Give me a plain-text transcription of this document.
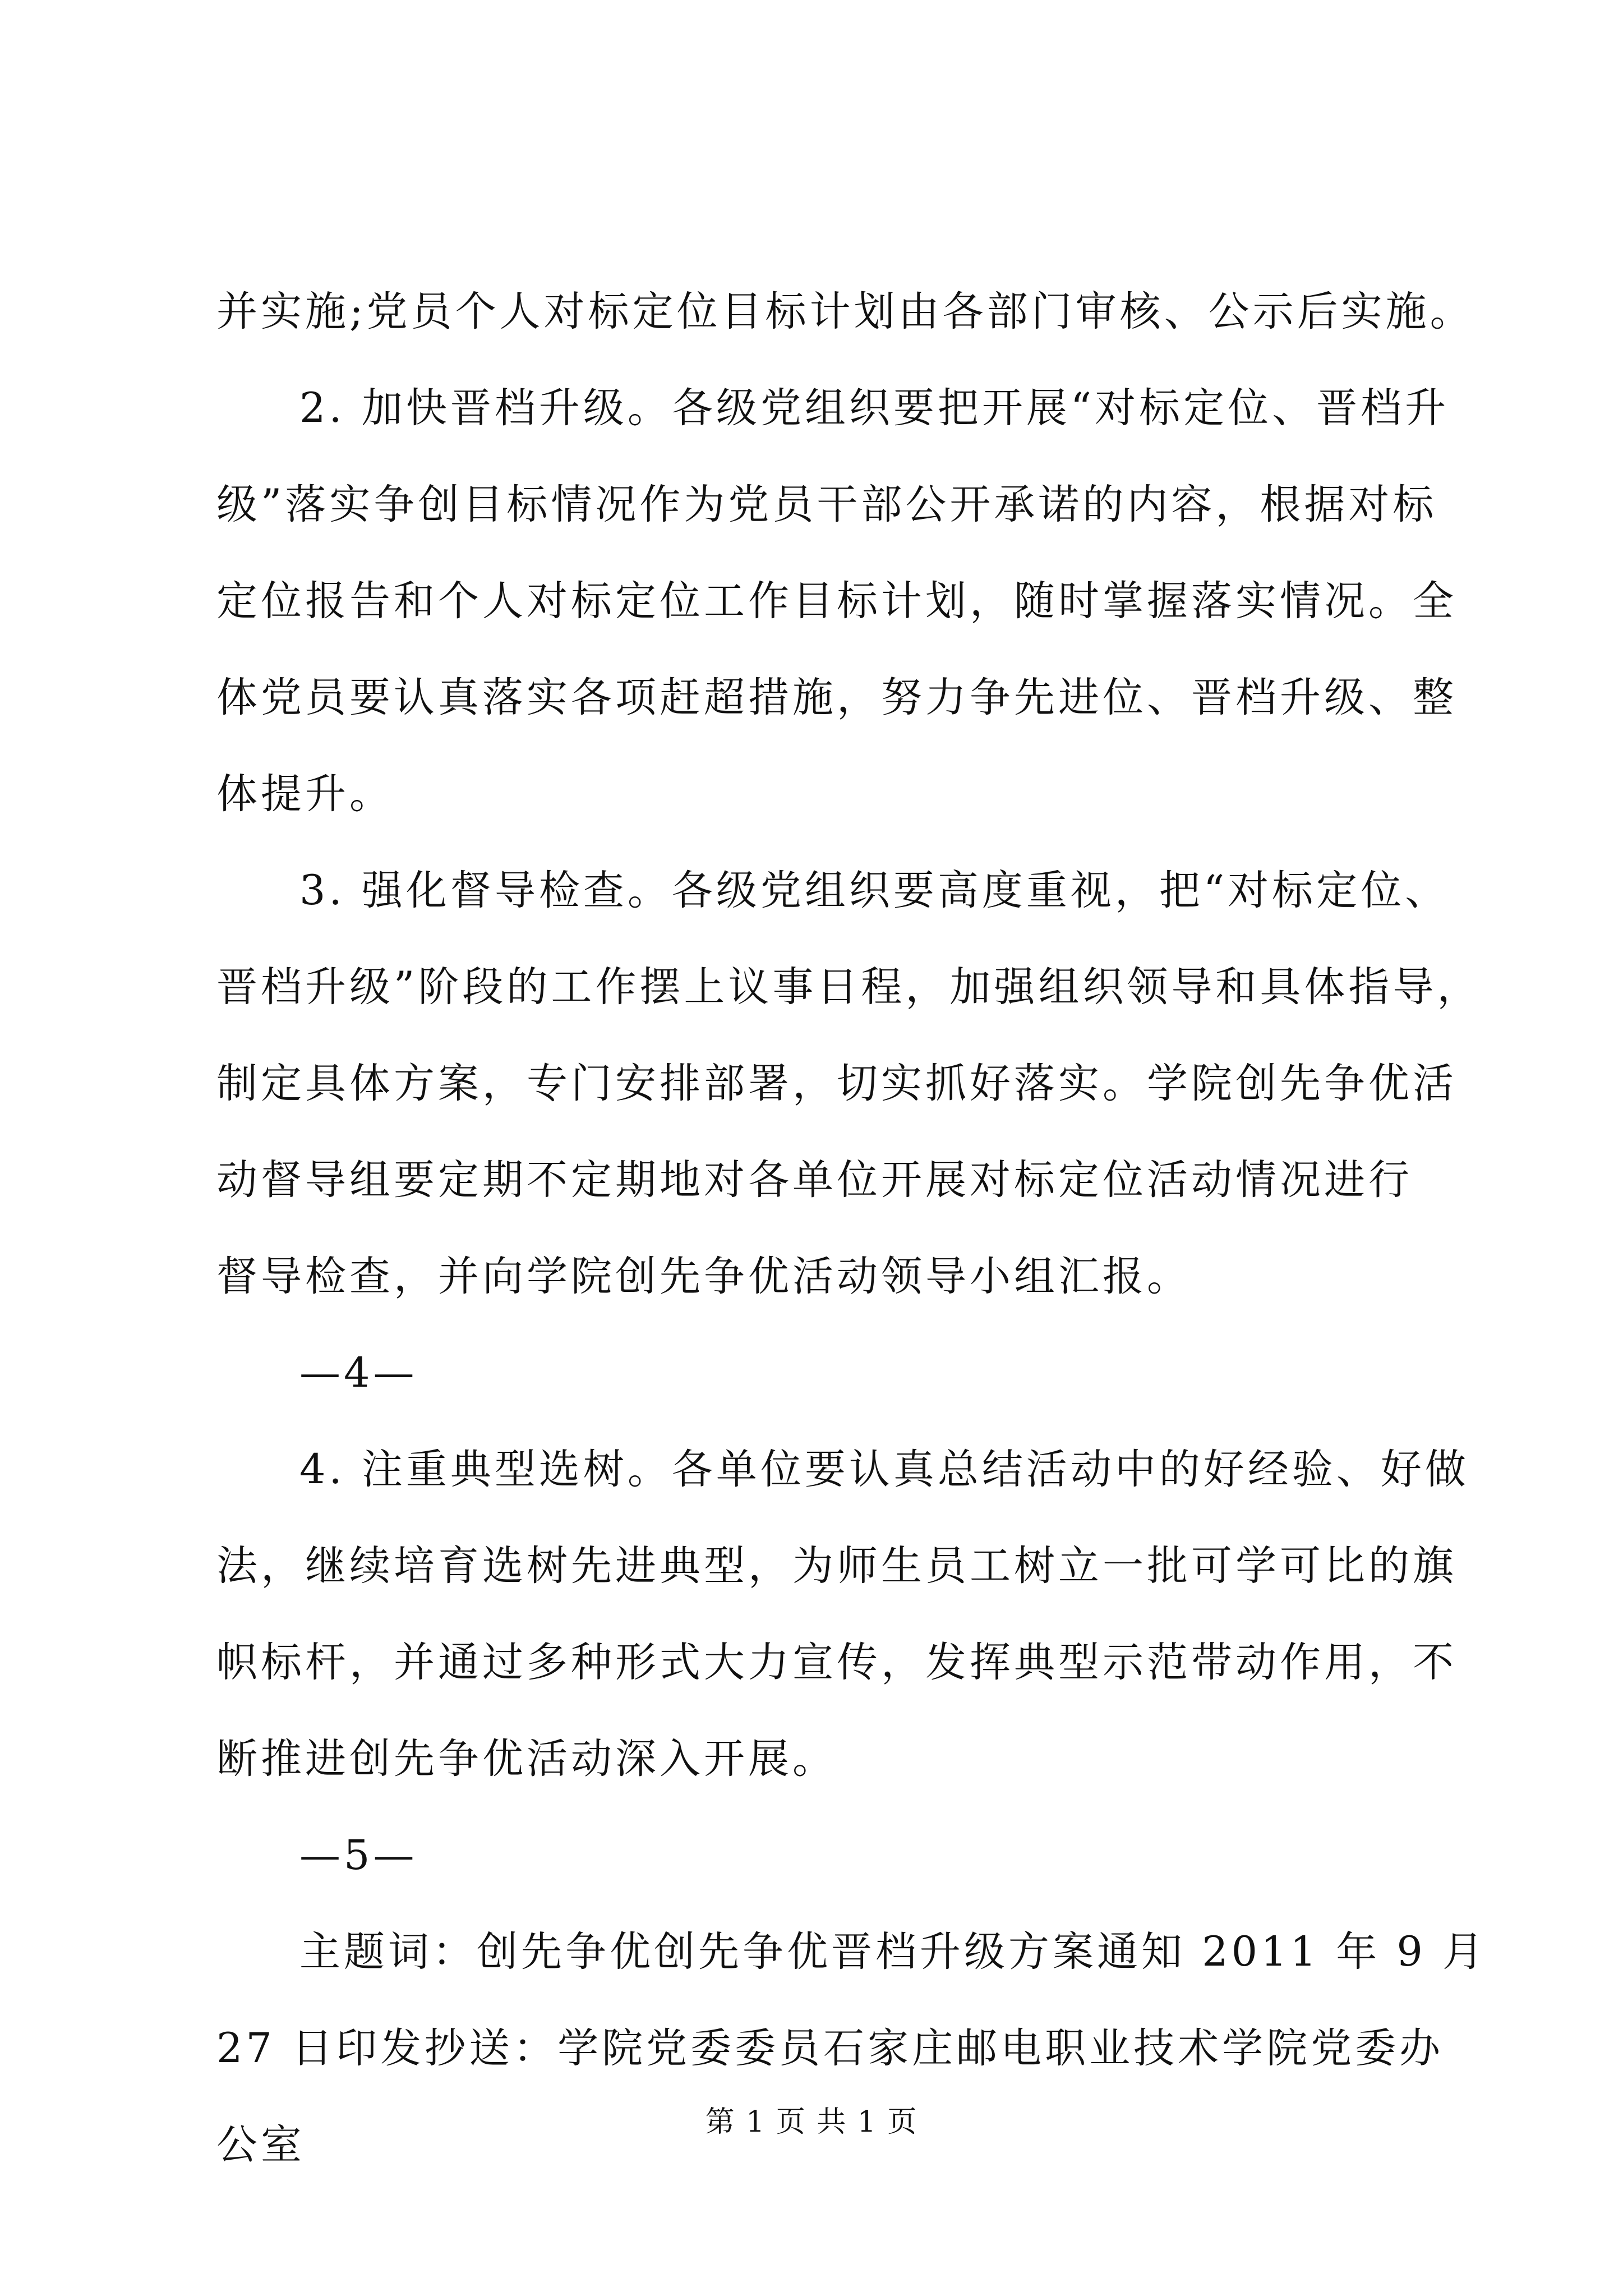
并实施;党员个人对标定位目标计划由各部门审核、公示后实施。
2. 加快晋档升级。各级党组织要把开展“对标定位、晋档升
级”落实争创目标情况作为党员干部公开承诺的内容，根据对标
定位报告和个人对标定位工作目标计划，随时掌握落实情况。全
体党员要认真落实各项赶超措施，努力争先进位、晋档升级、整
体提升。
3. 强化督导检查。各级党组织要高度重视，把“对标定位、
晋档升级”阶段的工作摆上议事日程，加强组织领导和具体指导，
制定具体方案，专门安排部署，切实抓好落实。学院创先争优活
动督导组要定期不定期地对各单位开展对标定位活动情况进行
督导检查，并向学院创先争优活动领导小组汇报。
—4—
4. 注重典型选树。各单位要认真总结活动中的好经验、好做
法，继续培育选树先进典型，为师生员工树立一批可学可比的旗
帜标杆，并通过多种形式大力宣传，发挥典型示范带动作用，不
断推进创先争优活动深入开展。
—5—
主题词：创先争优创先争优晋档升级方案通知 2011 年 9 月
27 日印发抄送：学院党委委员石家庄邮电职业技术学院党委办
公室	第 1 页 共 1 页
